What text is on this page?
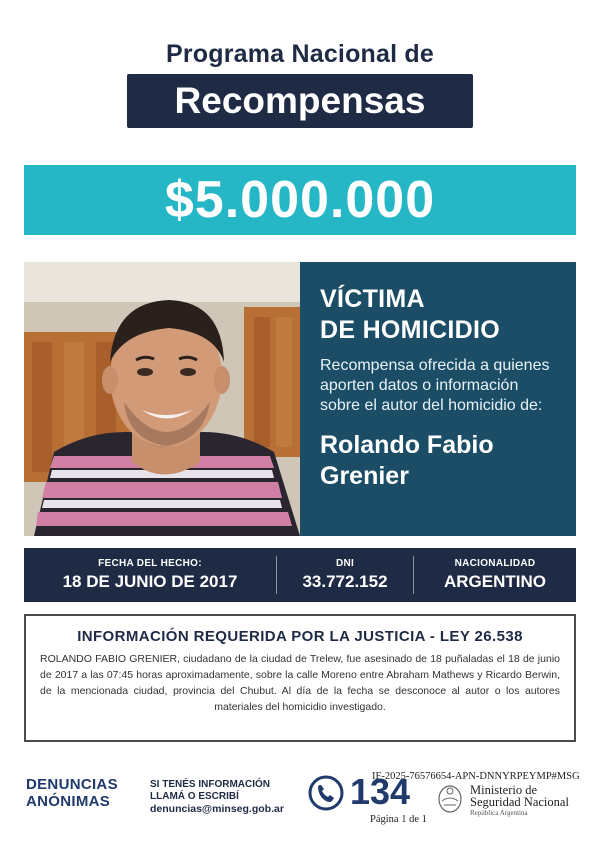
Programa Nacional de
Recompensas
$5.000.000
VÍCTIMA
DE HOMICIDIO
Recompensa ofrecida a quienes aporten datos o información sobre el autor del homicidio de:
Rolando Fabio
Grenier
FECHA DEL HECHO:
18 DE JUNIO DE 2017
DNI
33.772.152
NACIONALIDAD
ARGENTINO
INFORMACIÓN REQUERIDA POR LA JUSTICIA - LEY 26.538
ROLANDO FABIO GRENIER, ciudadano de la ciudad de Trelew, fue asesinado de 18 puñaladas el 18 de junio de 2017 a las 07:45 horas aproximadamente, sobre la calle Moreno entre Abraham Mathews y Ricardo Berwin, de la mencionada ciudad, provincia del Chubut. Al día de la fecha se desconoce al autor o los autores materiales del homicidio investigado.
DENUNCIAS
ANÓNIMAS
SI TENÉS INFORMACIÓN
LLAMÁ O ESCRIBÍ
denuncias@minseg.gob.ar 134
IF-2025-76576654-APN-DNNYRPEYMP#MSG
Ministerio de
Seguridad Nacional
República Argentina
Página 1 de 1
